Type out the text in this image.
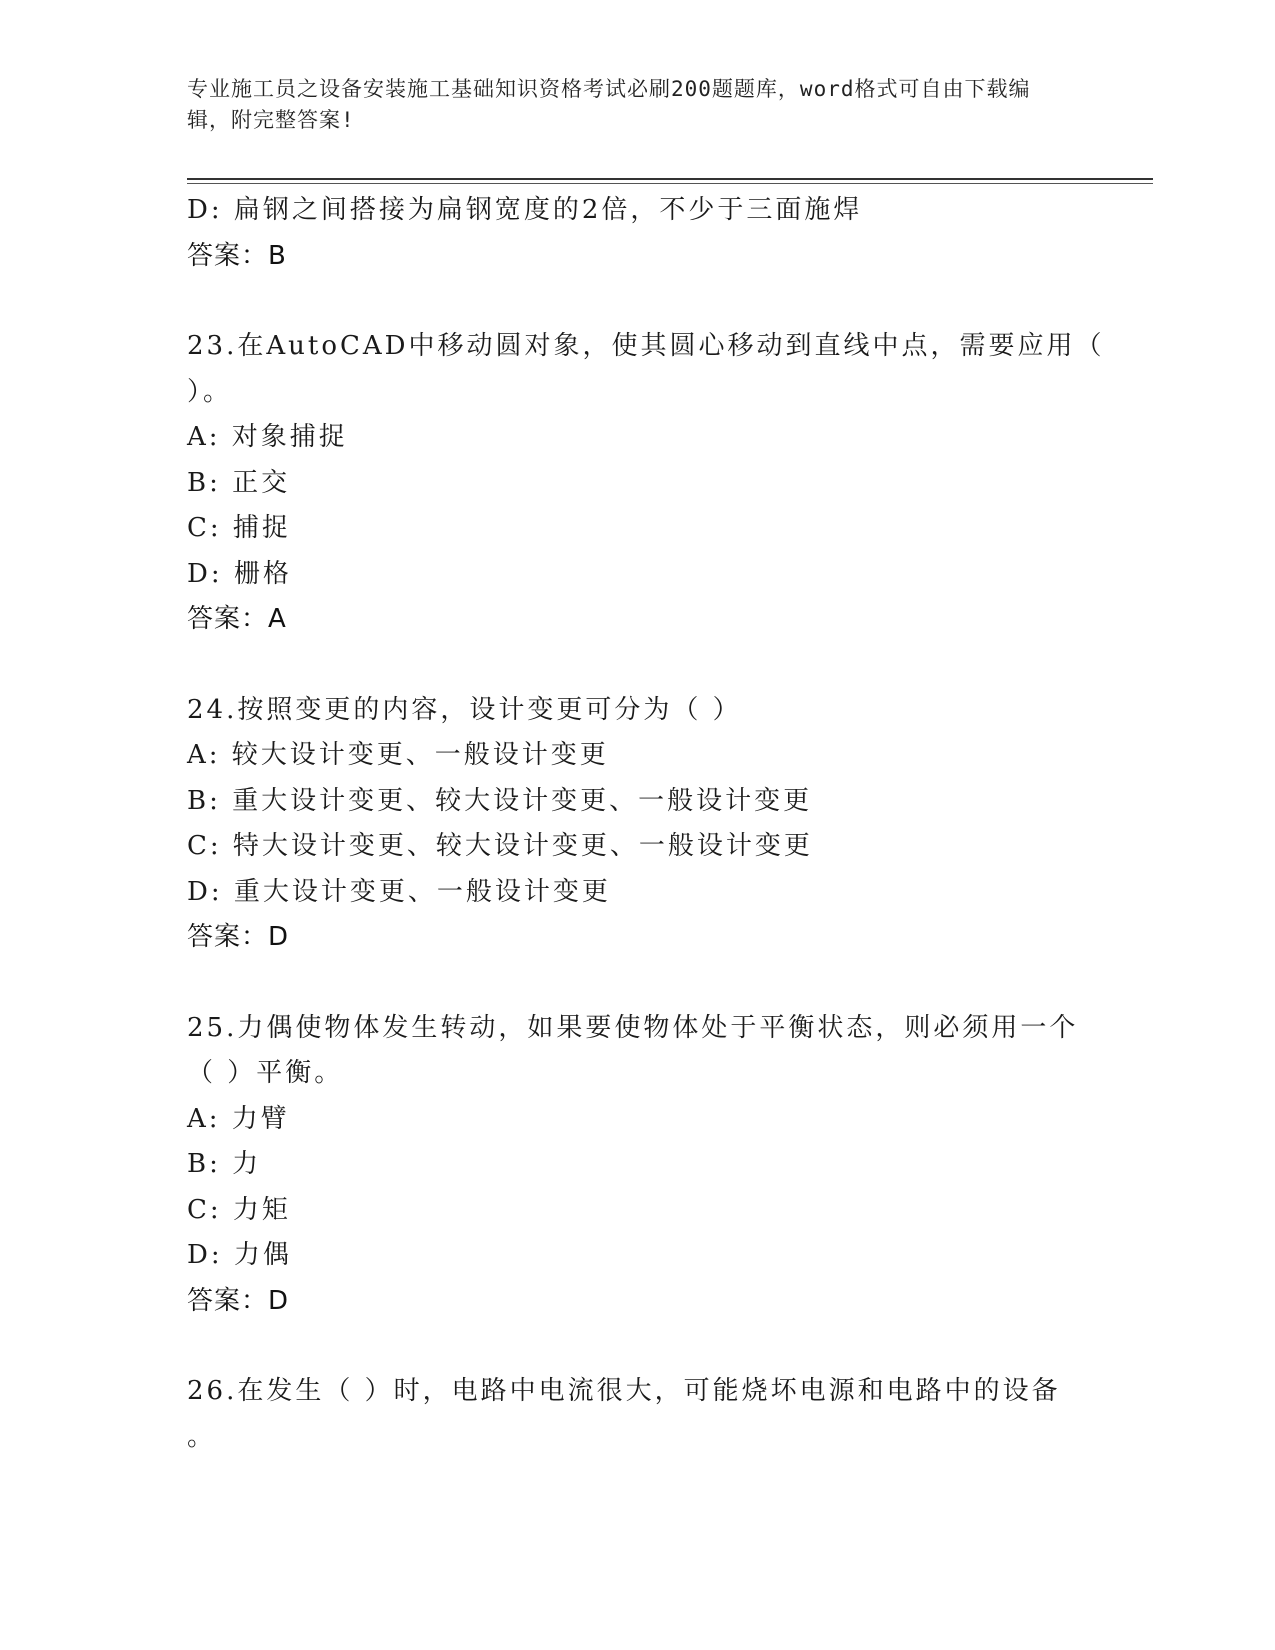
专业施工员之设备安装施工基础知识资格考试必刷200题题库，word格式可自由下载编辑，附完整答案!
D: 扁钢之间搭接为扁钢宽度的2倍，不少于三面施焊
答案：B
23.在AutoCAD中移动圆对象，使其圆心移动到直线中点，需要应用（
）。
A: 对象捕捉
B: 正交
C: 捕捉
D: 栅格
答案：A
24.按照变更的内容，设计变更可分为（ ）
A: 较大设计变更、一般设计变更
B: 重大设计变更、较大设计变更、一般设计变更
C: 特大设计变更、较大设计变更、一般设计变更
D: 重大设计变更、一般设计变更
答案：D
25.力偶使物体发生转动，如果要使物体处于平衡状态，则必须用一个
（ ）平衡。
A: 力臂
B: 力
C: 力矩
D: 力偶
答案：D
26.在发生（ ）时，电路中电流很大，可能烧坏电源和电路中的设备
。
